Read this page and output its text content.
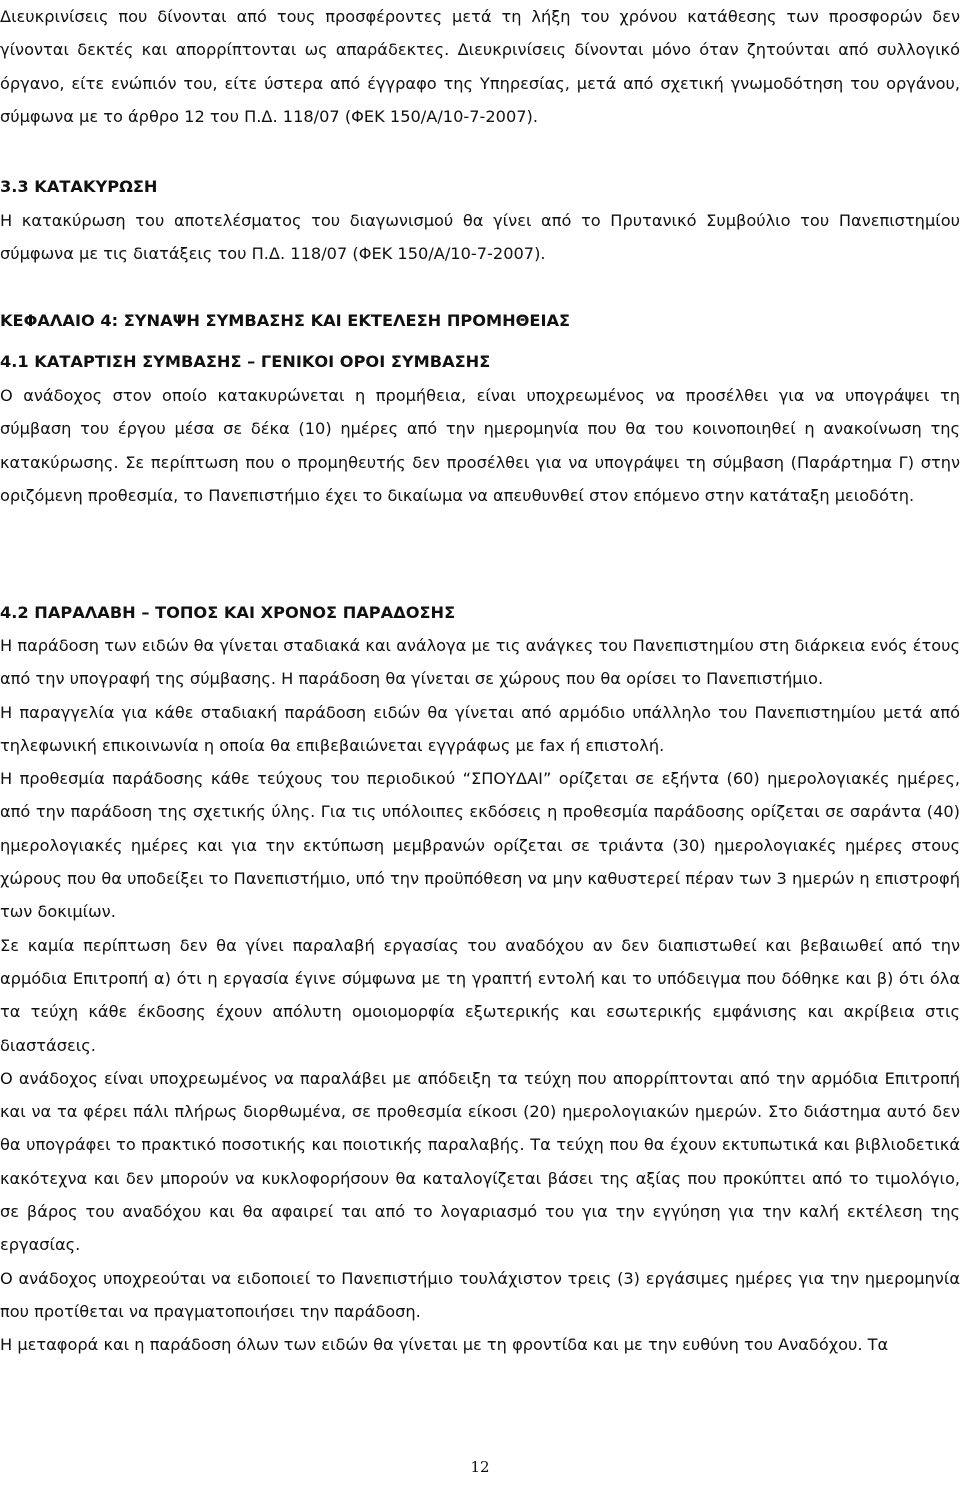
Διευκρινίσεις που δίνονται από τους προσφέροντες μετά τη λήξη του χρόνου κατάθεσης των προσφορών δεν γίνονται δεκτές και απορρίπτονται ως απαράδεκτες. Διευκρινίσεις δίνονται μόνο όταν ζητούνται από συλλογικό όργανο, είτε ενώπιόν του, είτε ύστερα από έγγραφο της Υπηρεσίας, μετά από σχετική γνωμοδότηση του οργάνου, σύμφωνα με το άρθρο 12 του Π.Δ. 118/07 (ΦΕΚ 150/Α/10-7-2007).

3.3 ΚΑΤΑΚΥΡΩΣΗ

Η κατακύρωση του αποτελέσματος του διαγωνισμού θα γίνει από το Πρυτανικό Συμβούλιο του Πανεπιστημίου σύμφωνα με τις διατάξεις του Π.Δ. 118/07 (ΦΕΚ 150/Α/10-7-2007).

ΚΕΦΑΛΑΙΟ 4: ΣΥΝΑΨΗ ΣΥΜΒΑΣΗΣ ΚΑΙ ΕΚΤΕΛΕΣΗ ΠΡΟΜΗΘΕΙΑΣ
4.1 ΚΑΤΑΡΤΙΣΗ ΣΥΜΒΑΣΗΣ – ΓΕΝΙΚΟΙ ΟΡΟΙ ΣΥΜΒΑΣΗΣ

Ο ανάδοχος στον οποίο κατακυρώνεται η προμήθεια, είναι υποχρεωμένος να προσέλθει για να υπογράψει τη σύμβαση του έργου μέσα σε δέκα (10) ημέρες από την ημερομηνία που θα του κοινοποιηθεί η ανακοίνωση της κατακύρωσης. Σε περίπτωση που ο προμηθευτής δεν προσέλθει για να υπογράψει τη σύμβαση (Παράρτημα Γ) στην οριζόμενη προθεσμία, το Πανεπιστήμιο έχει το δικαίωμα να απευθυνθεί στον επόμενο στην κατάταξη μειοδότη.

4.2 ΠΑΡΑΛΑΒΗ – ΤΟΠΟΣ ΚΑΙ ΧΡΟΝΟΣ ΠΑΡΑΔΟΣΗΣ

Η παράδοση των ειδών θα γίνεται σταδιακά και ανάλογα με τις ανάγκες του Πανεπιστημίου στη διάρκεια ενός έτους από την υπογραφή της σύμβασης. Η παράδοση θα γίνεται σε χώρους που θα ορίσει το Πανεπιστήμιο.

Η παραγγελία για κάθε σταδιακή παράδοση ειδών θα γίνεται από αρμόδιο υπάλληλο του Πανεπιστημίου μετά από τηλεφωνική επικοινωνία η οποία θα επιβεβαιώνεται εγγράφως με fax ή επιστολή.

Η προθεσμία παράδοσης κάθε τεύχους του περιοδικού “ΣΠΟΥΔΑΙ” ορίζεται σε εξήντα (60) ημερολογιακές ημέρες, από την παράδοση της σχετικής ύλης. Για τις υπόλοιπες εκδόσεις η προθεσμία παράδοσης ορίζεται σε σαράντα (40) ημερολογιακές ημέρες και για την εκτύπωση μεμβρανών ορίζεται σε τριάντα (30) ημερολογιακές ημέρες στους χώρους που θα υποδείξει το Πανεπιστήμιο, υπό την προϋπόθεση να μην καθυστερεί πέραν των 3 ημερών η επιστροφή των δοκιμίων.

Σε καμία περίπτωση δεν θα γίνει παραλαβή εργασίας του αναδόχου αν δεν διαπιστωθεί και βεβαιωθεί από την αρμόδια Επιτροπή α) ότι η εργασία έγινε σύμφωνα με τη γραπτή εντολή και το υπόδειγμα που δόθηκε και β) ότι όλα τα τεύχη κάθε έκδοσης έχουν απόλυτη ομοιομορφία εξωτερικής και εσωτερικής εμφάνισης και ακρίβεια στις διαστάσεις.

Ο ανάδοχος είναι υποχρεωμένος να παραλάβει με απόδειξη τα τεύχη που απορρίπτονται από την αρμόδια Επιτροπή και να τα φέρει πάλι πλήρως διορθωμένα, σε προθεσμία είκοσι (20) ημερολογιακών ημερών. Στο διάστημα αυτό δεν θα υπογράφει το πρακτικό ποσοτικής και ποιοτικής παραλαβής. Τα τεύχη που θα έχουν εκτυπωτικά και βιβλιοδετικά κακότεχνα και δεν μπορούν να κυκλοφορήσουν θα καταλογίζεται βάσει της αξίας που προκύπτει από το τιμολόγιο, σε βάρος του αναδόχου και θα αφαιρεί ται από το λογαριασμό του για την εγγύηση για την καλή εκτέλεση της εργασίας.

Ο ανάδοχος υποχρεούται να ειδοποιεί το Πανεπιστήμιο τουλάχιστον τρεις (3) εργάσιμες ημέρες για την ημερομηνία που προτίθεται να πραγματοποιήσει την παράδοση.

Η μεταφορά και η παράδοση όλων των ειδών θα γίνεται με τη φροντίδα και με την ευθύνη του Αναδόχου. Τα

12
